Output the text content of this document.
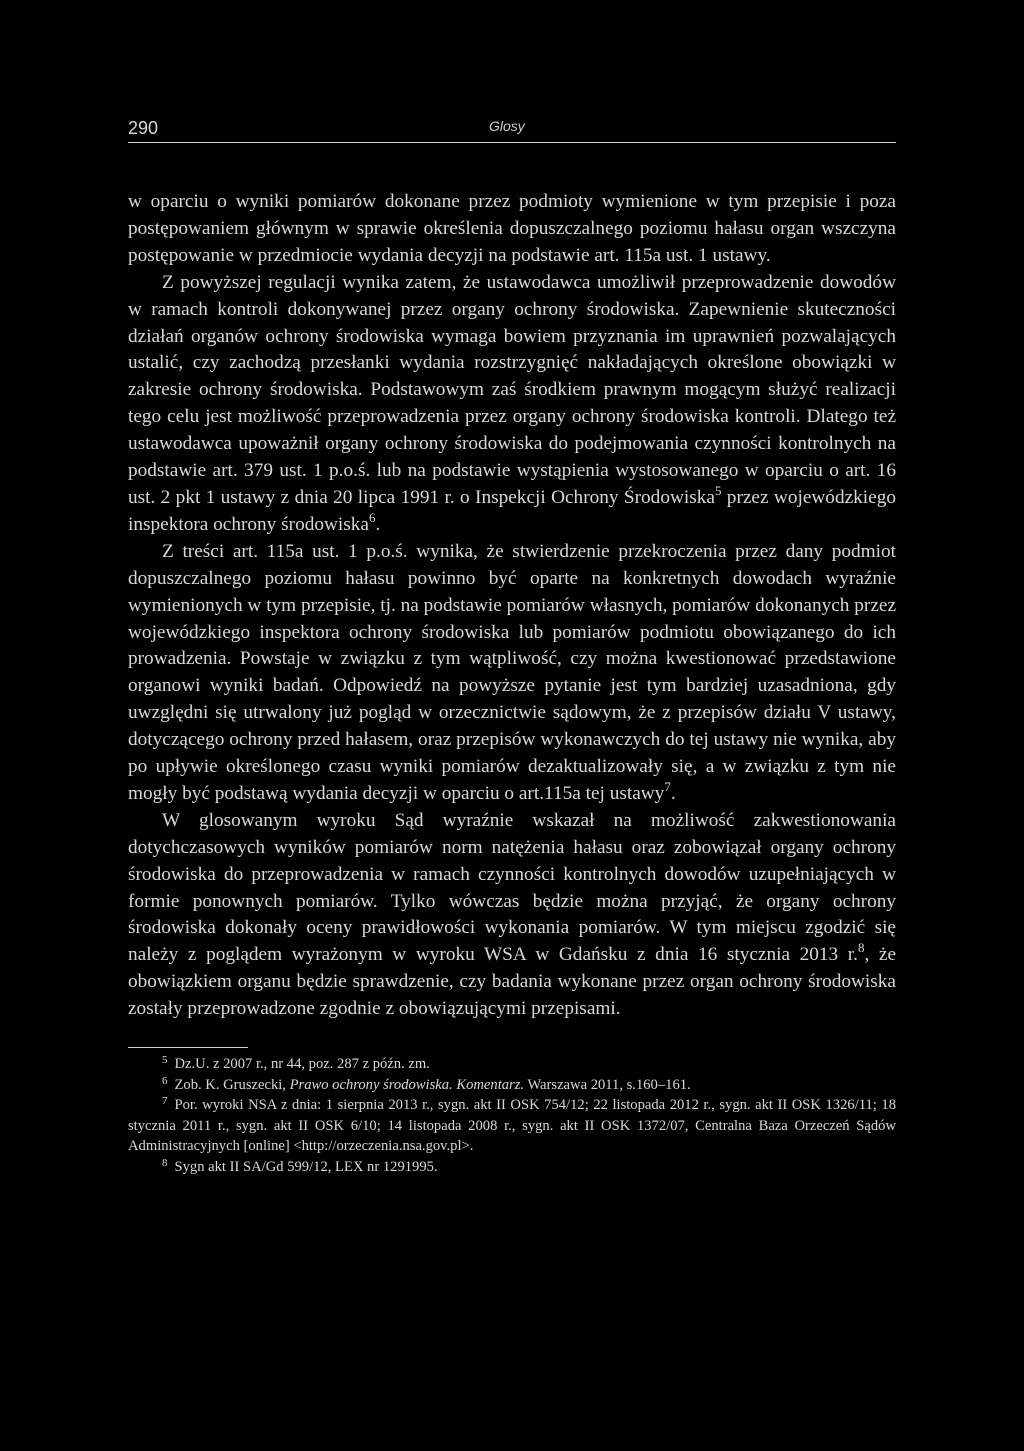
290	Glosy

w oparciu o wyniki pomiarów dokonane przez podmioty wymienione w tym przepisie i poza postępowaniem głównym w sprawie określenia dopuszczalnego poziomu hałasu organ wszczyna postępowanie w przedmiocie wydania decyzji na podstawie art. 115a ust. 1 ustawy.

Z powyższej regulacji wynika zatem, że ustawodawca umożliwił przeprowadzenie dowodów w ramach kontroli dokonywanej przez organy ochrony środowiska. Zapewnienie skuteczności działań organów ochrony środowiska wymaga bowiem przyznania im uprawnień pozwalających ustalić, czy zachodzą przesłanki wydania rozstrzygnięć nakładających określone obowiązki w zakresie ochrony środowiska. Podstawowym zaś środkiem prawnym mogącym służyć realizacji tego celu jest możliwość przeprowadzenia przez organy ochrony środowiska kontroli. Dlatego też ustawodawca upoważnił organy ochrony środowiska do podejmowania czynności kontrolnych na podstawie art. 379 ust. 1 p.o.ś. lub na podstawie wystąpienia wystosowanego w oparciu o art. 16 ust. 2 pkt 1 ustawy z dnia 20 lipca 1991 r. o Inspekcji Ochrony Środowiska$^5$ przez wojewódzkiego inspektora ochrony środowiska$^6$.

Z treści art. 115a ust. 1 p.o.ś. wynika, że stwierdzenie przekroczenia przez dany podmiot dopuszczalnego poziomu hałasu powinno być oparte na konkretnych dowodach wyraźnie wymienionych w tym przepisie, tj. na podstawie pomiarów własnych, pomiarów dokonanych przez wojewódzkiego inspektora ochrony środowiska lub pomiarów podmiotu obowiązanego do ich prowadzenia. Powstaje w związku z tym wątpliwość, czy można kwestionować przedstawione organowi wyniki badań. Odpowiedź na powyższe pytanie jest tym bardziej uzasadniona, gdy uwzględni się utrwalony już pogląd w orzecznictwie sądowym, że z przepisów działu V ustawy, dotyczącego ochrony przed hałasem, oraz przepisów wykonawczych do tej ustawy nie wynika, aby po upływie określonego czasu wyniki pomiarów dezaktualizowały się, a w związku z tym nie mogły być podstawą wydania decyzji w oparciu o art.115a tej ustawy$^7$.

W glosowanym wyroku Sąd wyraźnie wskazał na możliwość zakwestionowania dotychczasowych wyników pomiarów norm natężenia hałasu oraz zobowiązał organy ochrony środowiska do przeprowadzenia w ramach czynności kontrolnych dowodów uzupełniających w formie ponownych pomiarów. Tylko wówczas będzie można przyjąć, że organy ochrony środowiska dokonały oceny prawidłowości wykonania pomiarów. W tym miejscu zgodzić się należy z poglądem wyrażonym w wyroku WSA w Gdańsku z dnia 16 stycznia 2013 r.$^8$, że obowiązkiem organu będzie sprawdzenie, czy badania wykonane przez organ ochrony środowiska zostały przeprowadzone zgodnie z obowiązującymi przepisami.

$^5$ Dz.U. z 2007 r., nr 44, poz. 287 z późn. zm.

$^6$ Zob. K. Gruszecki, Prawo ochrony środowiska. Komentarz. Warszawa 2011, s.160–161.

$^7$ Por. wyroki NSA z dnia: 1 sierpnia 2013 r., sygn. akt II OSK 754/12; 22 listopada 2012 r., sygn. akt II OSK 1326/11; 18 stycznia 2011 r., sygn. akt II OSK 6/10; 14 listopada 2008 r., sygn. akt II OSK 1372/07, Centralna Baza Orzeczeń Sądów Administracyjnych [online] <http://orzeczenia.nsa.gov.pl>.

$^8$ Sygn akt II SA/Gd 599/12, LEX nr 1291995.
